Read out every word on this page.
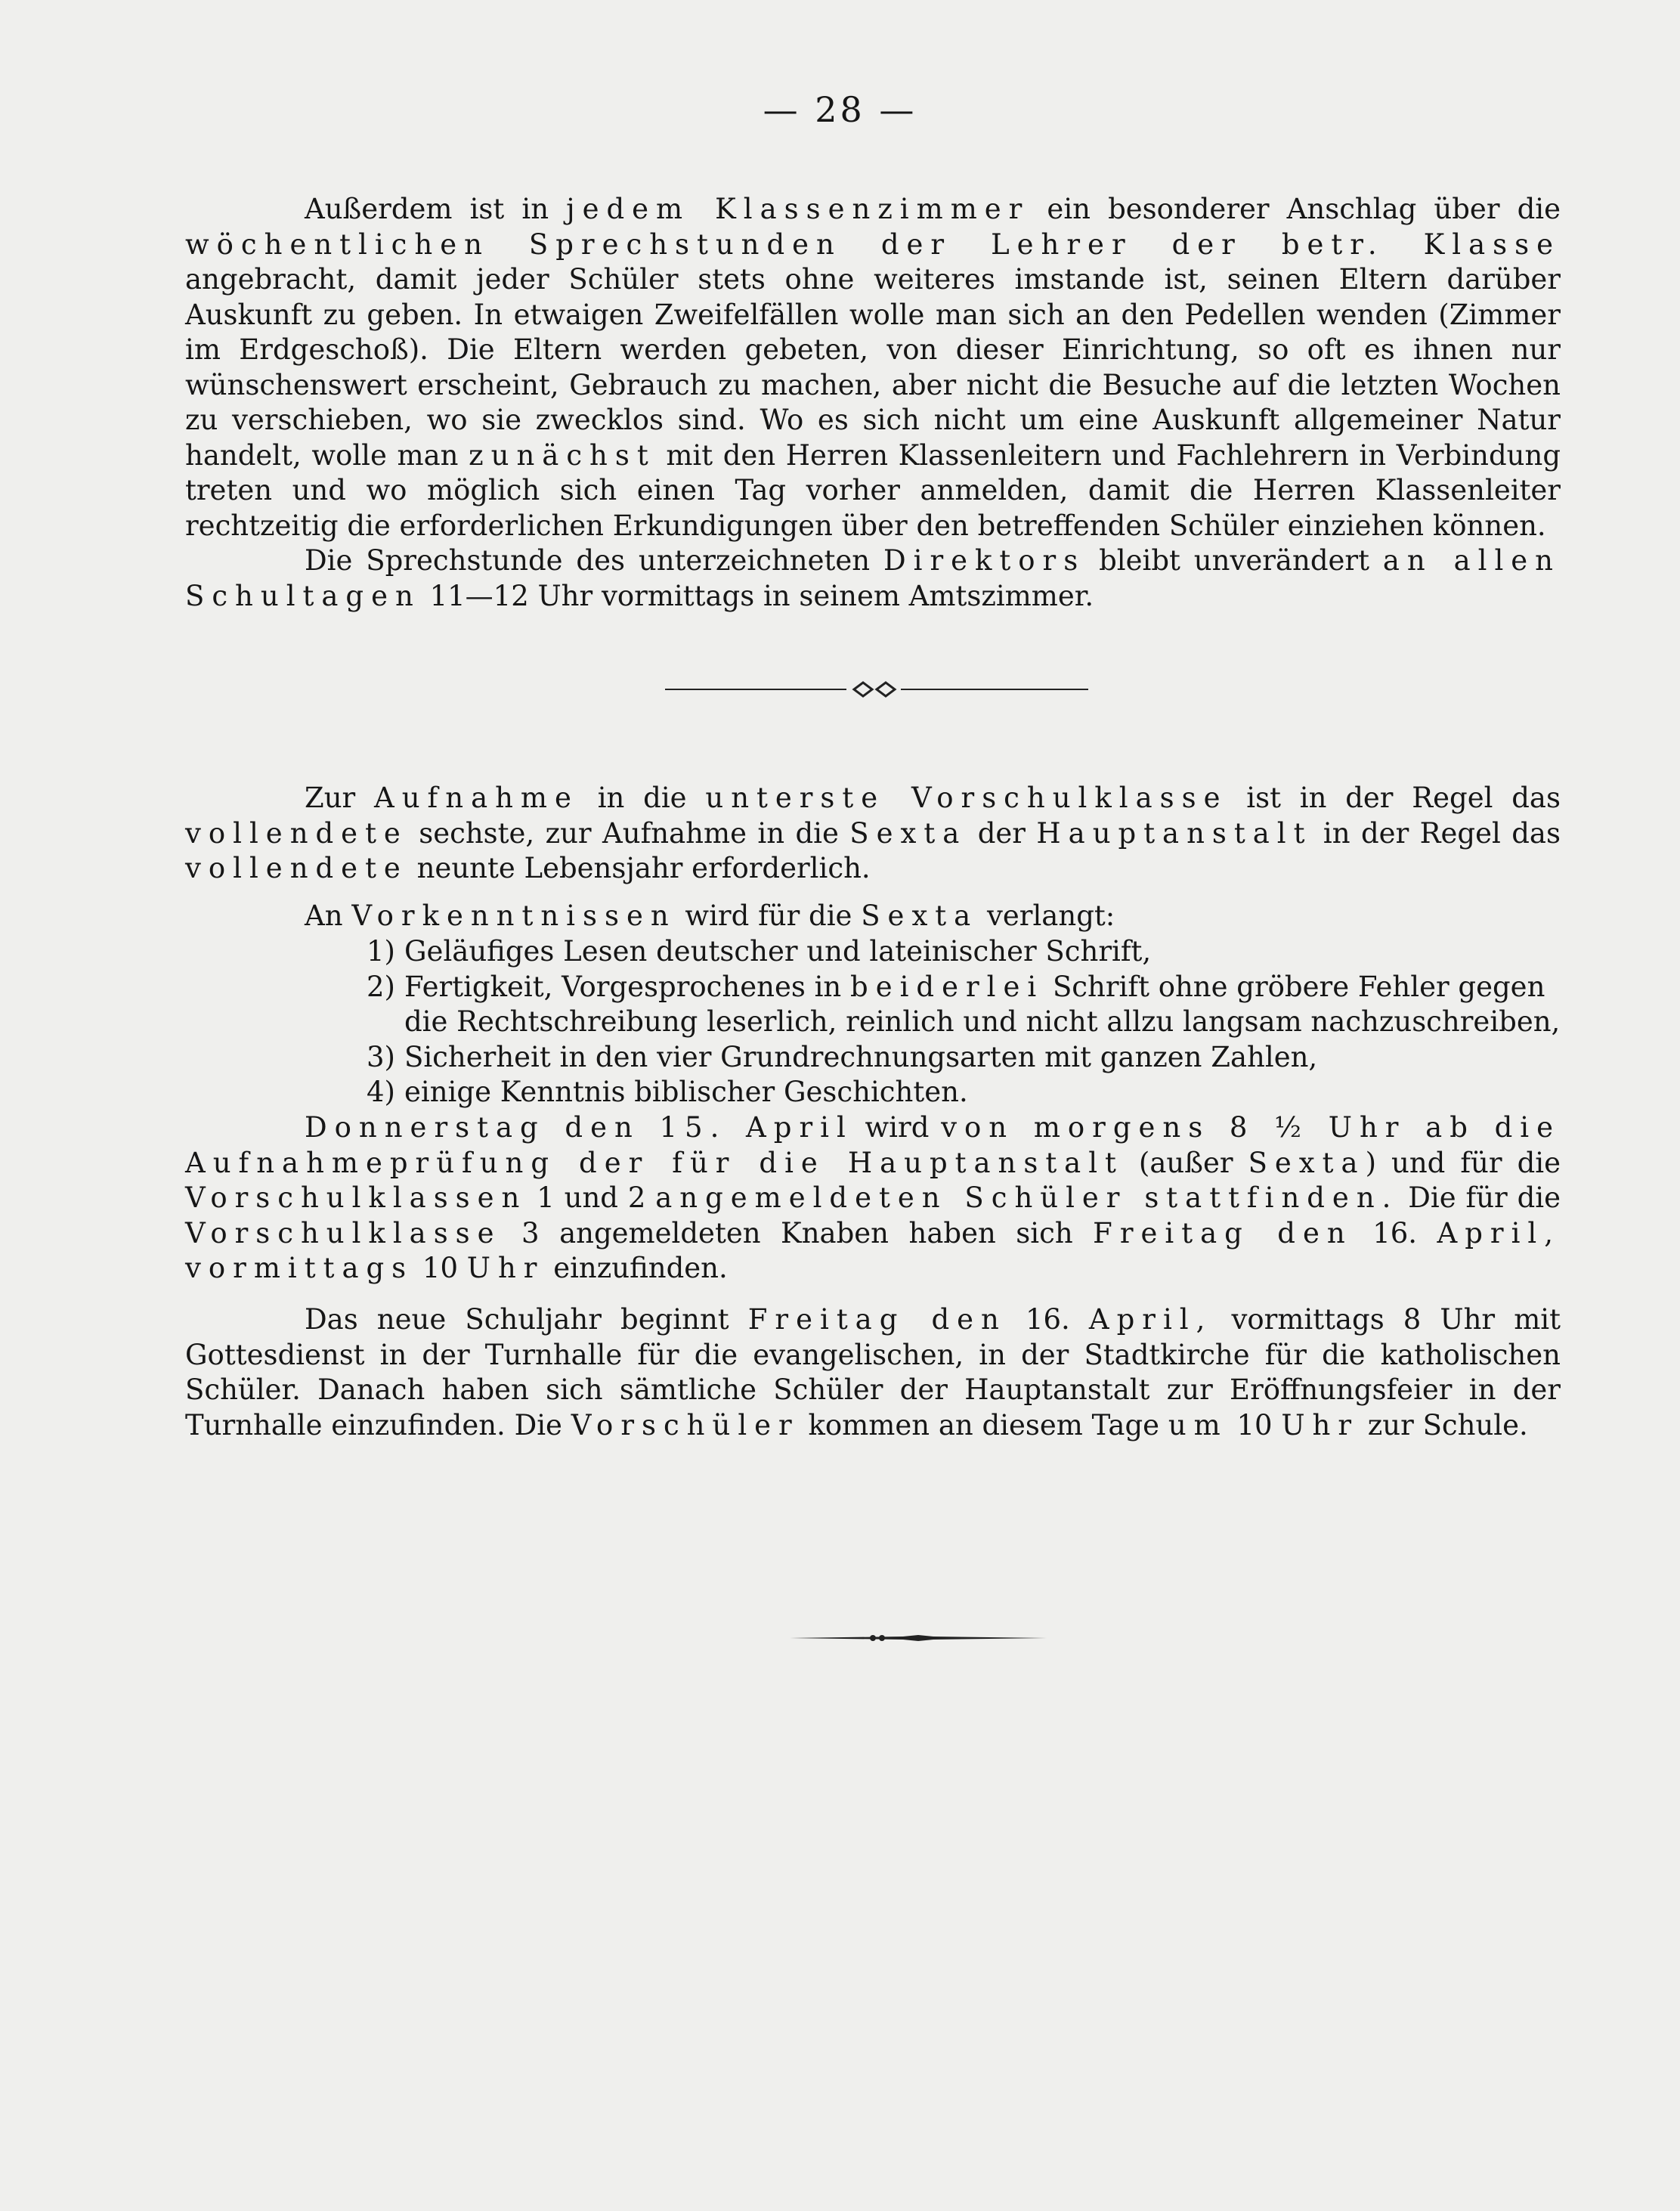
— 28 —
Außerdem ist in jedem Klassenzimmer ein besonderer Anschlag über die wöchentlichen Sprechstunden der Lehrer der betr. Klasse angebracht, damit jeder Schüler stets ohne weiteres imstande ist, seinen Eltern darüber Auskunft zu geben. In etwaigen Zweifelfällen wolle man sich an den Pedellen wenden (Zimmer im Erdgeschoß). Die Eltern werden gebeten, von dieser Einrichtung, so oft es ihnen nur wünschenswert erscheint, Gebrauch zu machen, aber nicht die Besuche auf die letzten Wochen zu verschieben, wo sie zwecklos sind. Wo es sich nicht um eine Auskunft allgemeiner Natur handelt, wolle man zunächst mit den Herren Klassenleitern und Fachlehrern in Verbindung treten und wo möglich sich einen Tag vorher anmelden, damit die Herren Klassenleiter rechtzeitig die erforderlichen Erkundigungen über den betreffenden Schüler einziehen können.
Die Sprechstunde des unterzeichneten Direktors bleibt unverändert an allen Schultagen 11—12 Uhr vormittags in seinem Amtszimmer.
Zur Aufnahme in die unterste Vorschulklasse ist in der Regel das vollendete sechste, zur Aufnahme in die Sexta der Hauptanstalt in der Regel das vollendete neunte Lebensjahr erforderlich.
An Vorkenntnissen wird für die Sexta verlangt:
1) Geläufiges Lesen deutscher und lateinischer Schrift,
2) Fertigkeit, Vorgesprochenes in beiderlei Schrift ohne gröbere Fehler gegen die Rechtschreibung leserlich, reinlich und nicht allzu langsam nachzuschreiben,
3) Sicherheit in den vier Grundrechnungsarten mit ganzen Zahlen,
4) einige Kenntnis biblischer Geschichten.
Donnerstag den 15. April wird von morgens 8 ½ Uhr ab die Aufnahmeprüfung der für die Hauptanstalt (außer Sexta) und für die Vorschulklassen 1 und 2 angemeldeten Schüler stattfinden. Die für die Vorschulklasse 3 angemeldeten Knaben haben sich Freitag den 16. April, vormittags 10 Uhr einzufinden.
Das neue Schuljahr beginnt Freitag den 16. April, vormittags 8 Uhr mit Gottesdienst in der Turnhalle für die evangelischen, in der Stadtkirche für die katholischen Schüler. Danach haben sich sämtliche Schüler der Hauptanstalt zur Eröffnungsfeier in der Turnhalle einzufinden. Die Vorschüler kommen an diesem Tage um 10 Uhr zur Schule.
